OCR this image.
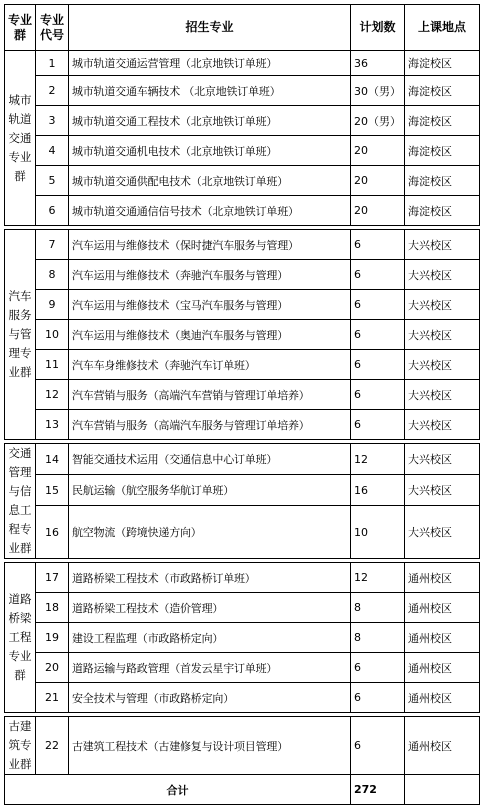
专业群	专业代号	招生专业	计划数	上课地点
城市轨道交通专业群	1	城市轨道交通运营管理（北京地铁订单班）	36	海淀校区
	2	城市轨道交通车辆技术 （北京地铁订单班）	30（男）	海淀校区
	3	城市轨道交通工程技术（北京地铁订单班）	20（男）	海淀校区
	4	城市轨道交通机电技术（北京地铁订单班）	20	海淀校区
	5	城市轨道交通供配电技术（北京地铁订单班）	20	海淀校区
	6	城市轨道交通通信信号技术（北京地铁订单班）	20	海淀校区

汽车服务与管理专业群	7	汽车运用与维修技术（保时捷汽车服务与管理）	6	大兴校区
	8	汽车运用与维修技术（奔驰汽车服务与管理）	6	大兴校区
	9	汽车运用与维修技术（宝马汽车服务与管理）	6	大兴校区
	10	汽车运用与维修技术（奥迪汽车服务与管理）	6	大兴校区
	11	汽车车身维修技术（奔驰汽车订单班）	6	大兴校区
	12	汽车营销与服务（高端汽车营销与管理订单培养）	6	大兴校区
	13	汽车营销与服务（高端汽车服务与管理订单培养）	6	大兴校区

交通管理与信息工程专业群	14	智能交通技术运用（交通信息中心订单班）	12	大兴校区
	15	民航运输（航空服务华航订单班）	16	大兴校区
	16	航空物流（跨境快递方向）	10	大兴校区

道路桥梁工程专业群	17	道路桥梁工程技术（市政路桥订单班）	12	通州校区
	18	道路桥梁工程技术（造价管理）	8	通州校区
	19	建设工程监理（市政路桥定向）	8	通州校区
	20	道路运输与路政管理（首发云星宇订单班）	6	通州校区
	21	安全技术与管理（市政路桥定向）	6	通州校区

古建筑专业群	22	古建筑工程技术（古建修复与设计项目管理）	6	通州校区
合计			272	
